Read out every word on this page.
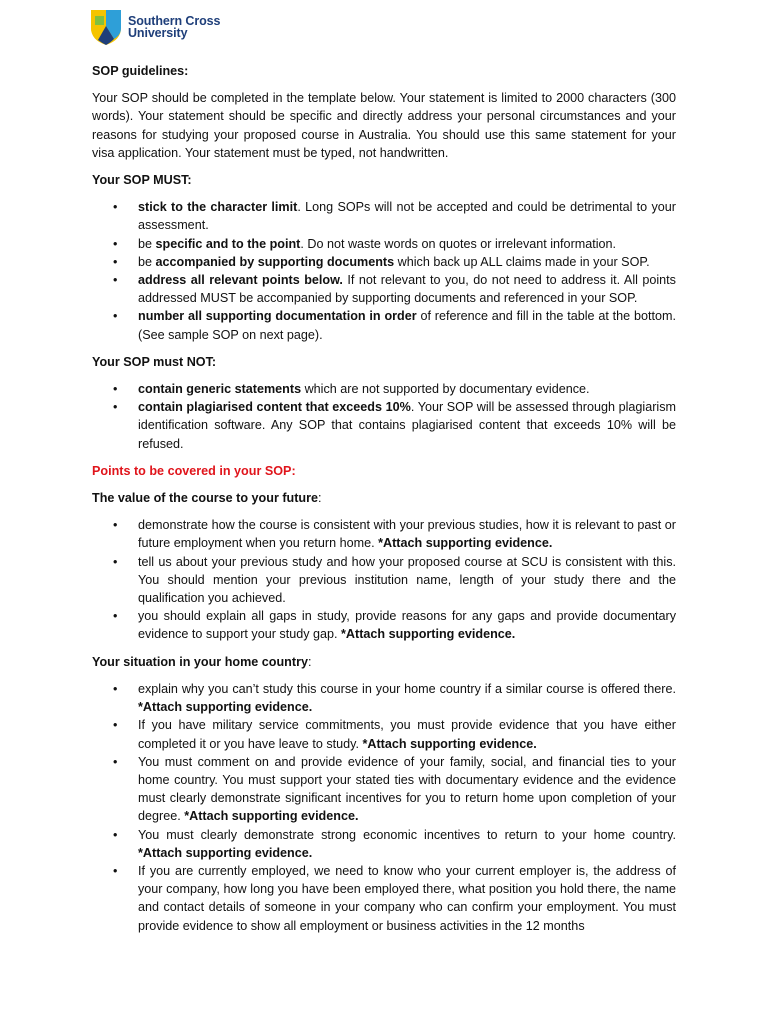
Southern Cross
University

SOP guidelines:

Your SOP should be completed in the template below. Your statement is limited to 2000 characters (300 words). Your statement should be specific and directly address your personal circumstances and your reasons for studying your proposed course in Australia. You should use this same statement for your visa application. Your statement must be typed, not handwritten.

Your SOP MUST:

• stick to the character limit. Long SOPs will not be accepted and could be detrimental to your assessment.
• be specific and to the point. Do not waste words on quotes or irrelevant information.
• be accompanied by supporting documents which back up ALL claims made in your SOP.
• address all relevant points below. If not relevant to you, do not need to address it. All points addressed MUST be accompanied by supporting documents and referenced in your SOP.
• number all supporting documentation in order of reference and fill in the table at the bottom. (See sample SOP on next page).

Your SOP must NOT:

• contain generic statements which are not supported by documentary evidence.
• contain plagiarised content that exceeds 10%. Your SOP will be assessed through plagiarism identification software. Any SOP that contains plagiarised content that exceeds 10% will be refused.

Points to be covered in your SOP:

The value of the course to your future:

• demonstrate how the course is consistent with your previous studies, how it is relevant to past or future employment when you return home. *Attach supporting evidence.
• tell us about your previous study and how your proposed course at SCU is consistent with this. You should mention your previous institution name, length of your study there and the qualification you achieved.
• you should explain all gaps in study, provide reasons for any gaps and provide documentary evidence to support your study gap. *Attach supporting evidence.

Your situation in your home country:

• explain why you can’t study this course in your home country if a similar course is offered there. *Attach supporting evidence.
• If you have military service commitments, you must provide evidence that you have either completed it or you have leave to study. *Attach supporting evidence.
• You must comment on and provide evidence of your family, social, and financial ties to your home country. You must support your stated ties with documentary evidence and the evidence must clearly demonstrate significant incentives for you to return home upon completion of your degree. *Attach supporting evidence.
• You must clearly demonstrate strong economic incentives to return to your home country. *Attach supporting evidence.
• If you are currently employed, we need to know who your current employer is, the address of your company, how long you have been employed there, what position you hold there, the name and contact details of someone in your company who can confirm your employment. You must provide evidence to show all employment or business activities in the 12 months
